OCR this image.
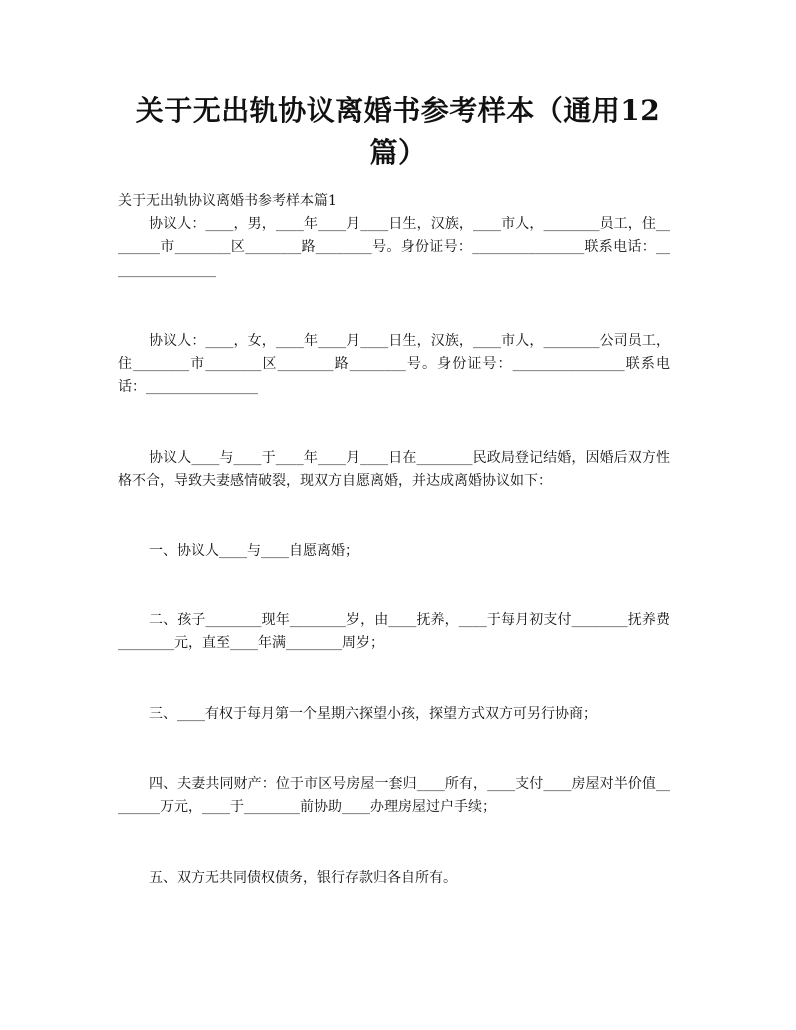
关于无出轨协议离婚书参考样本（通用12篇）
关于无出轨协议离婚书参考样本篇1

协议人：____，男，____年____月____日生，汉族，____市人，________员工，住________市________区________路________号。身份证号：________________联系电话：________________

协议人：____，女，____年____月____日生，汉族，____市人，________公司员工，住________市________区________路________号。身份证号：________________联系电话：________________

协议人____与____于____年____月____日在________民政局登记结婚，因婚后双方性格不合，导致夫妻感情破裂，现双方自愿离婚，并达成离婚协议如下：

一、协议人____与____自愿离婚；

二、孩子________现年________岁，由____抚养，____于每月初支付________抚养费________元，直至____年满________周岁；

三、____有权于每月第一个星期六探望小孩，探望方式双方可另行协商；

四、夫妻共同财产：位于市区号房屋一套归____所有，____支付____房屋对半价值________万元，____于________前协助____办理房屋过户手续；

五、双方无共同债权债务，银行存款归各自所有。
